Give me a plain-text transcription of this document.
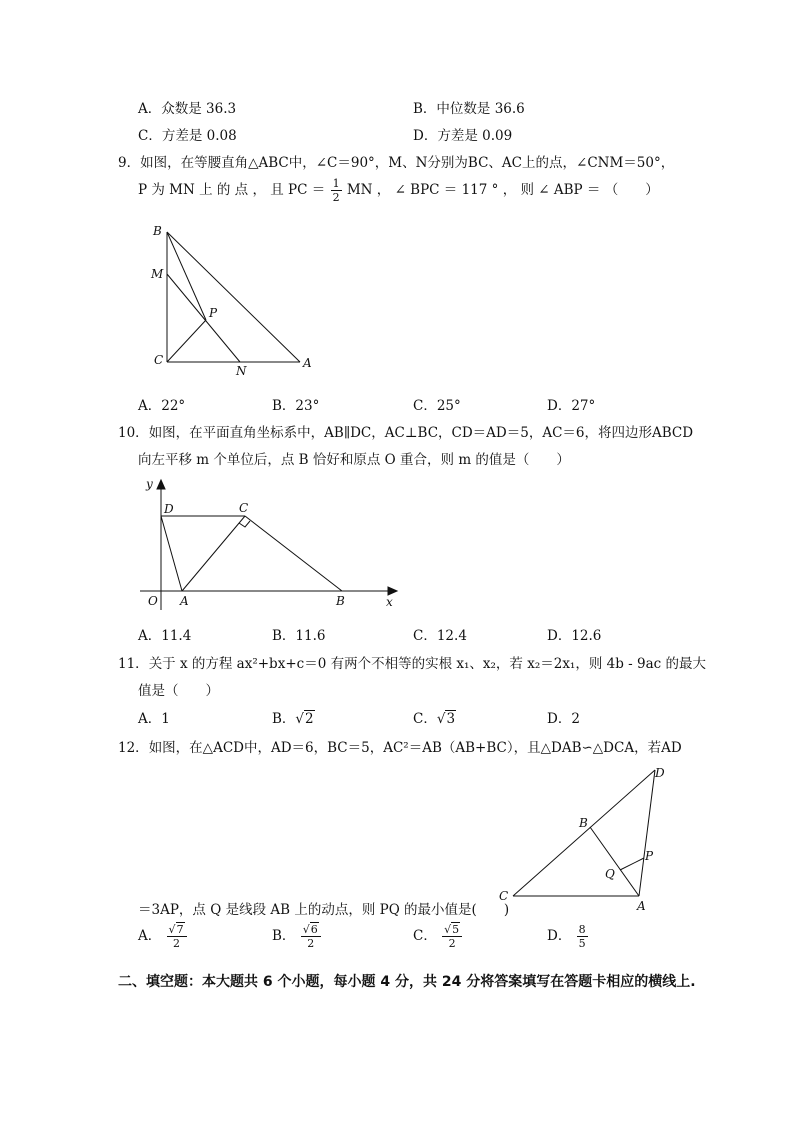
A．众数是 36.3	B．中位数是 36.6
C．方差是 0.08	D．方差是 0.09
9．如图，在等腰直角△ABC中，∠C＝90°，M、N分别为BC、AC上的点，∠CNM＝50°，
P 为 MN 上 的 点 ， 且 PC ＝ $\frac{1}{2}$ MN ， ∠ BPC ＝ 117 ° ， 则 ∠ ABP ＝ （　　）
B
M
P
C
N
A
A．22°	B．23°	C．25°	D．27°
10．如图，在平面直角坐标系中，AB∥DC，AC⊥BC，CD＝AD＝5，AC＝6，将四边形ABCD
向左平移 m 个单位后，点 B 恰好和原点 O 重合，则 m 的值是（　　）
y
x
O
D	C
A	B
A．11.4	B．11.6	C．12.4	D．12.6
11．关于 x 的方程 ax²+bx+c＝0 有两个不相等的实根 x₁、x₂，若 x₂＝2x₁，则 4b - 9ac 的最大
值是（　　）
A．1	B．√2	C．√3	D．2
12．如图，在△ACD中，AD＝6，BC＝5，AC²＝AB（AB+BC），且△DAB∽△DCA，若AD
D
B
P
Q
C
A
＝3AP，点 Q 是线段 AB 上的动点，则 PQ 的最小值是(　　)
A． $\frac{√7}{2}$	B． $\frac{√6}{2}$	C． $\frac{√5}{2}$	D． $\frac{8}{5}$
二、填空题：本大题共 6 个小题，每小题 4 分，共 24 分将答案填写在答题卡相应的横线上.
